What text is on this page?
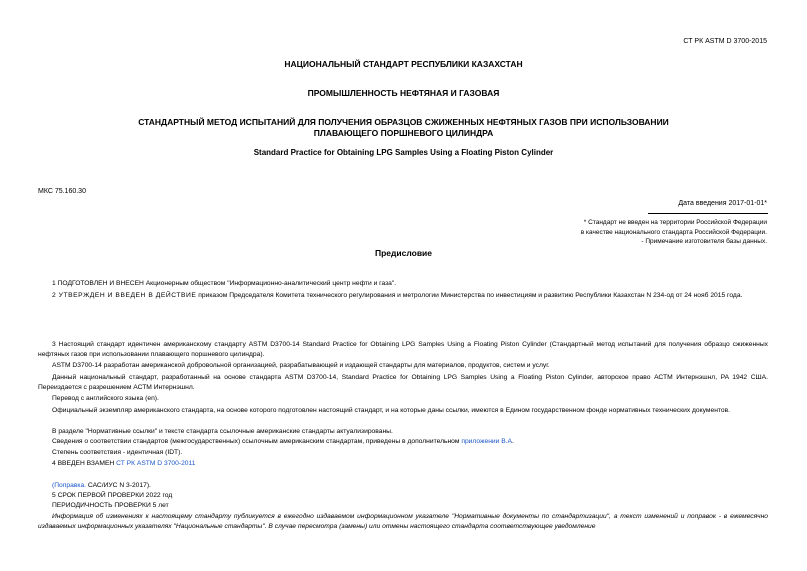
СТ РК ASTM D 3700-2015
НАЦИОНАЛЬНЫЙ СТАНДАРТ РЕСПУБЛИКИ КАЗАХСТАН
ПРОМЫШЛЕННОСТЬ НЕФТЯНАЯ И ГАЗОВАЯ
СТАНДАРТНЫЙ МЕТОД ИСПЫТАНИЙ ДЛЯ ПОЛУЧЕНИЯ ОБРАЗЦОВ СЖИЖЕННЫХ НЕФТЯНЫХ ГАЗОВ ПРИ ИСПОЛЬЗОВАНИИ ПЛАВАЮЩЕГО ПОРШНЕВОГО ЦИЛИНДРА
Standard Practice for Obtaining LPG Samples Using a Floating Piston Cylinder
МКС 75.160.30
Дата введения 2017-01-01*
* Стандарт не введен на территории Российской Федерации
в качестве национального стандарта Российской Федерации.
- Примечание изготовителя базы данных.
Предисловие
1 ПОДГОТОВЛЕН И ВНЕСЕН Акционерным обществом "Информационно-аналитический центр нефти и газа".
2 УТВЕРЖДЕН И ВВЕДЕН В ДЕЙСТВИЕ приказом Председателя Комитета технического регулирования и метрологии Министерства по инвестициям и развитию Республики Казахстан N 234-од от 24 нояб 2015 года.
3 Настоящий стандарт идентичен американскому стандарту ASTM D3700-14 Standard Practice for Obtaining LPG Samples Using a Floating Piston Cylinder (Стандартный метод испытаний для получения образцо сжиженных нефтяных газов при использовании плавающего поршневого цилиндра).
ASTM D3700-14 разработан американской добровольной организацией, разрабатывающей и издающей стандарты для материалов, продуктов, систем и услуг.
Данный национальный стандарт, разработанный на основе стандарта ASTM D3700-14, Standard Practice for Obtaining LPG Samples Using a Floating Piston Cylinder, авторское право АСТМ Интернэшнл, PA 1942 США. Переиздается с разрешением АСТМ Интернэшнл.
Перевод с английского языка (en).
Официальный экземпляр американского стандарта, на основе которого подготовлен настоящий стандарт, и на которые даны ссылки, имеются в Едином государственном фонде нормативных технических документов.
В разделе "Нормативные ссылки" и тексте стандарта ссылочные американские стандарты актуализированы.
Сведения о соответствии стандартов (межгосударственных) ссылочным американским стандартам, приведены в дополнительном приложении В.А.
Степень соответствия - идентичная (IDT).
4 ВВЕДЕН ВЗАМЕН СТ РК ASTM D 3700-2011
(Поправка. САС/ИУС N 3-2017).
5 СРОК ПЕРВОЙ ПРОВЕРКИ 2022 год
ПЕРИОДИЧНОСТЬ ПРОВЕРКИ 5 лет
Информация об изменениях к настоящему стандарту публикуется в ежегодно издаваемом информационном указателе "Нормативные документы по стандартизации", а текст изменений и поправок - в ежемесячно издаваемых информационных указателях "Национальные стандарты". В случае пересмотра (замены) или отмены настоящего стандарта соответствующее уведомление
